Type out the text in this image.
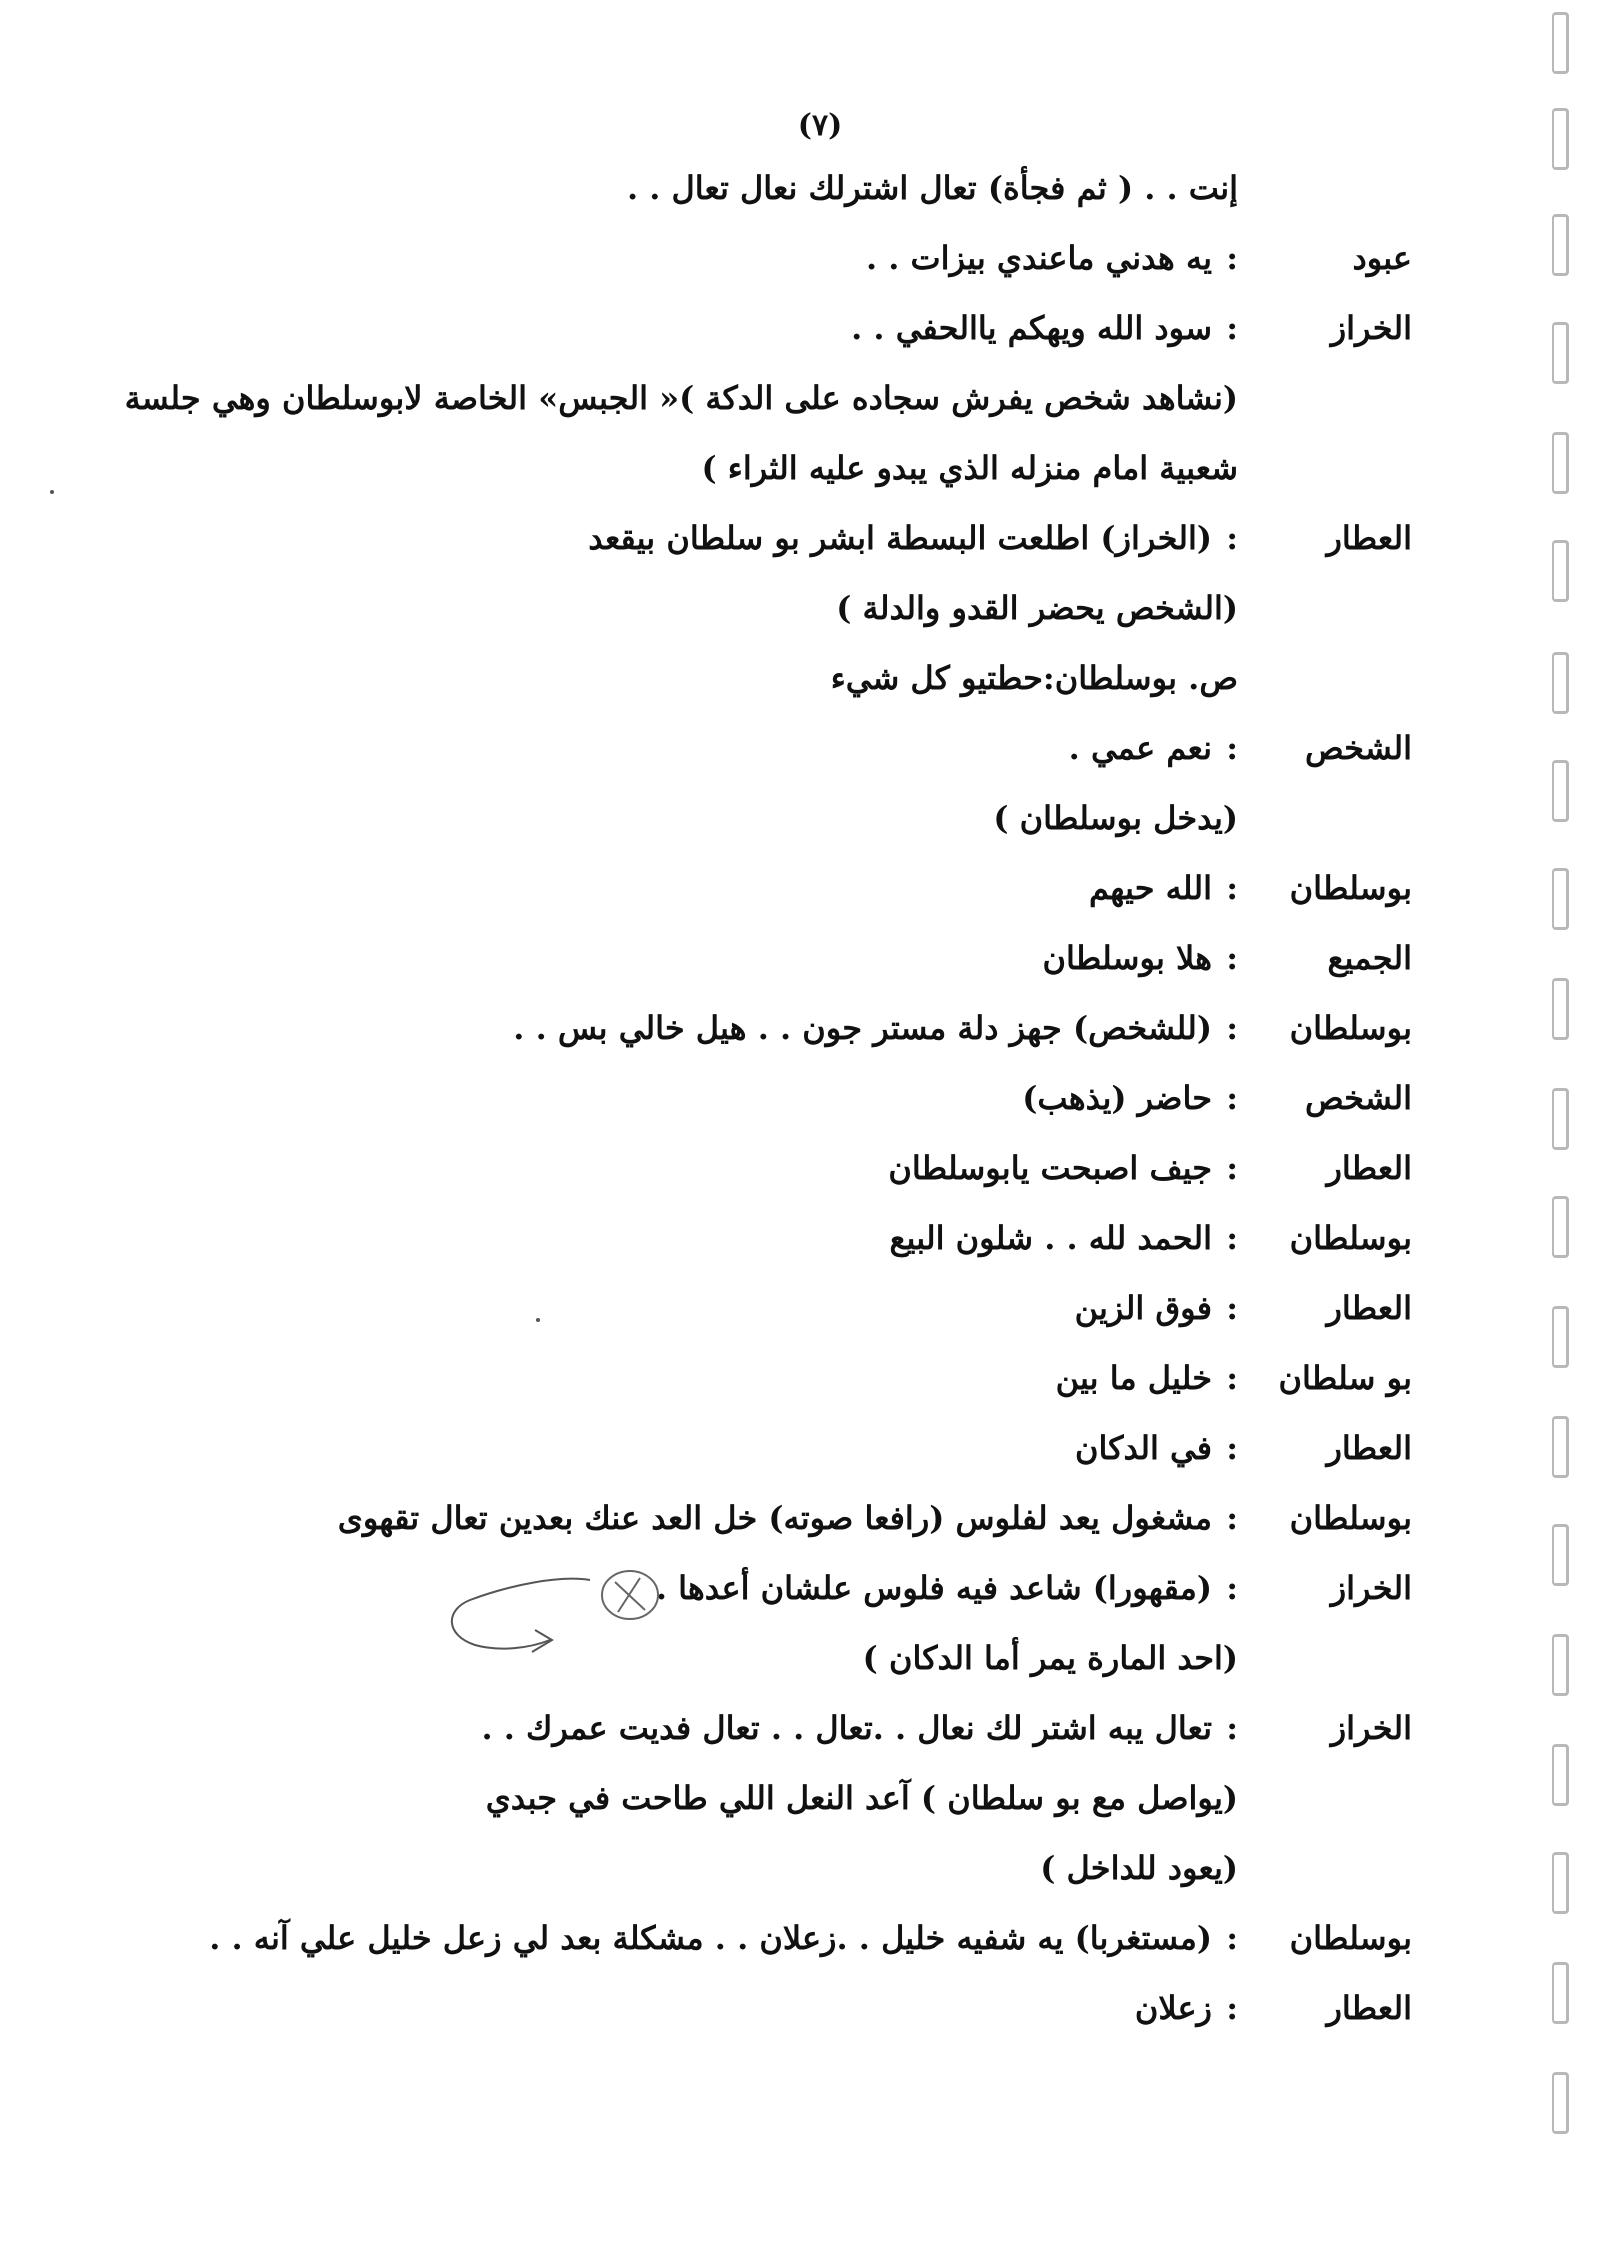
(٧)
إنت . . ( ثم فجأة) تعال اشترلك نعال تعال . .
عبود
:
يه هدني ماعندي بيزات . .
الخراز
:
سود الله ويهكم ياالحفي . .
(نشاهد شخص يفرش سجاده على الدكة )« الجبس» الخاصة لابوسلطان وهي جلسة
شعبية امام منزله الذي يبدو عليه الثراء )
العطار
:
(الخراز) اطلعت البسطة ابشر بو سلطان بيقعد
(الشخص يحضر القدو والدلة )
ص. بوسلطان:حطتيو كل شيء
الشخص
:
نعم عمي .
(يدخل بوسلطان )
بوسلطان
:
الله حيهم
الجميع
:
هلا بوسلطان
بوسلطان
:
(للشخص) جهز دلة مستر جون . . هيل خالي بس . .
الشخص
:
حاضر (يذهب)
العطار
:
جيف اصبحت يابوسلطان
بوسلطان
:
الحمد لله . . شلون البيع
العطار
:
فوق الزين
بو سلطان
:
خليل ما بين
العطار
:
في الدكان
بوسلطان
:
مشغول يعد لفلوس (رافعا صوته) خل العد عنك بعدين تعال تقهوى
الخراز
:
(مقهورا) شاعد فيه فلوس علشان أعدها .
(احد المارة يمر أما الدكان )
الخراز
:
تعال يبه اشتر لك نعال . .تعال . . تعال فديت عمرك . .
(يواصل مع بو سلطان ) آعد النعل اللي طاحت في جبدي
(يعود للداخل )
بوسلطان
:
(مستغربا) يه شفيه خليل . .زعلان . . مشكلة بعد لي زعل خليل علي آنه . .
العطار
:
زعلان
